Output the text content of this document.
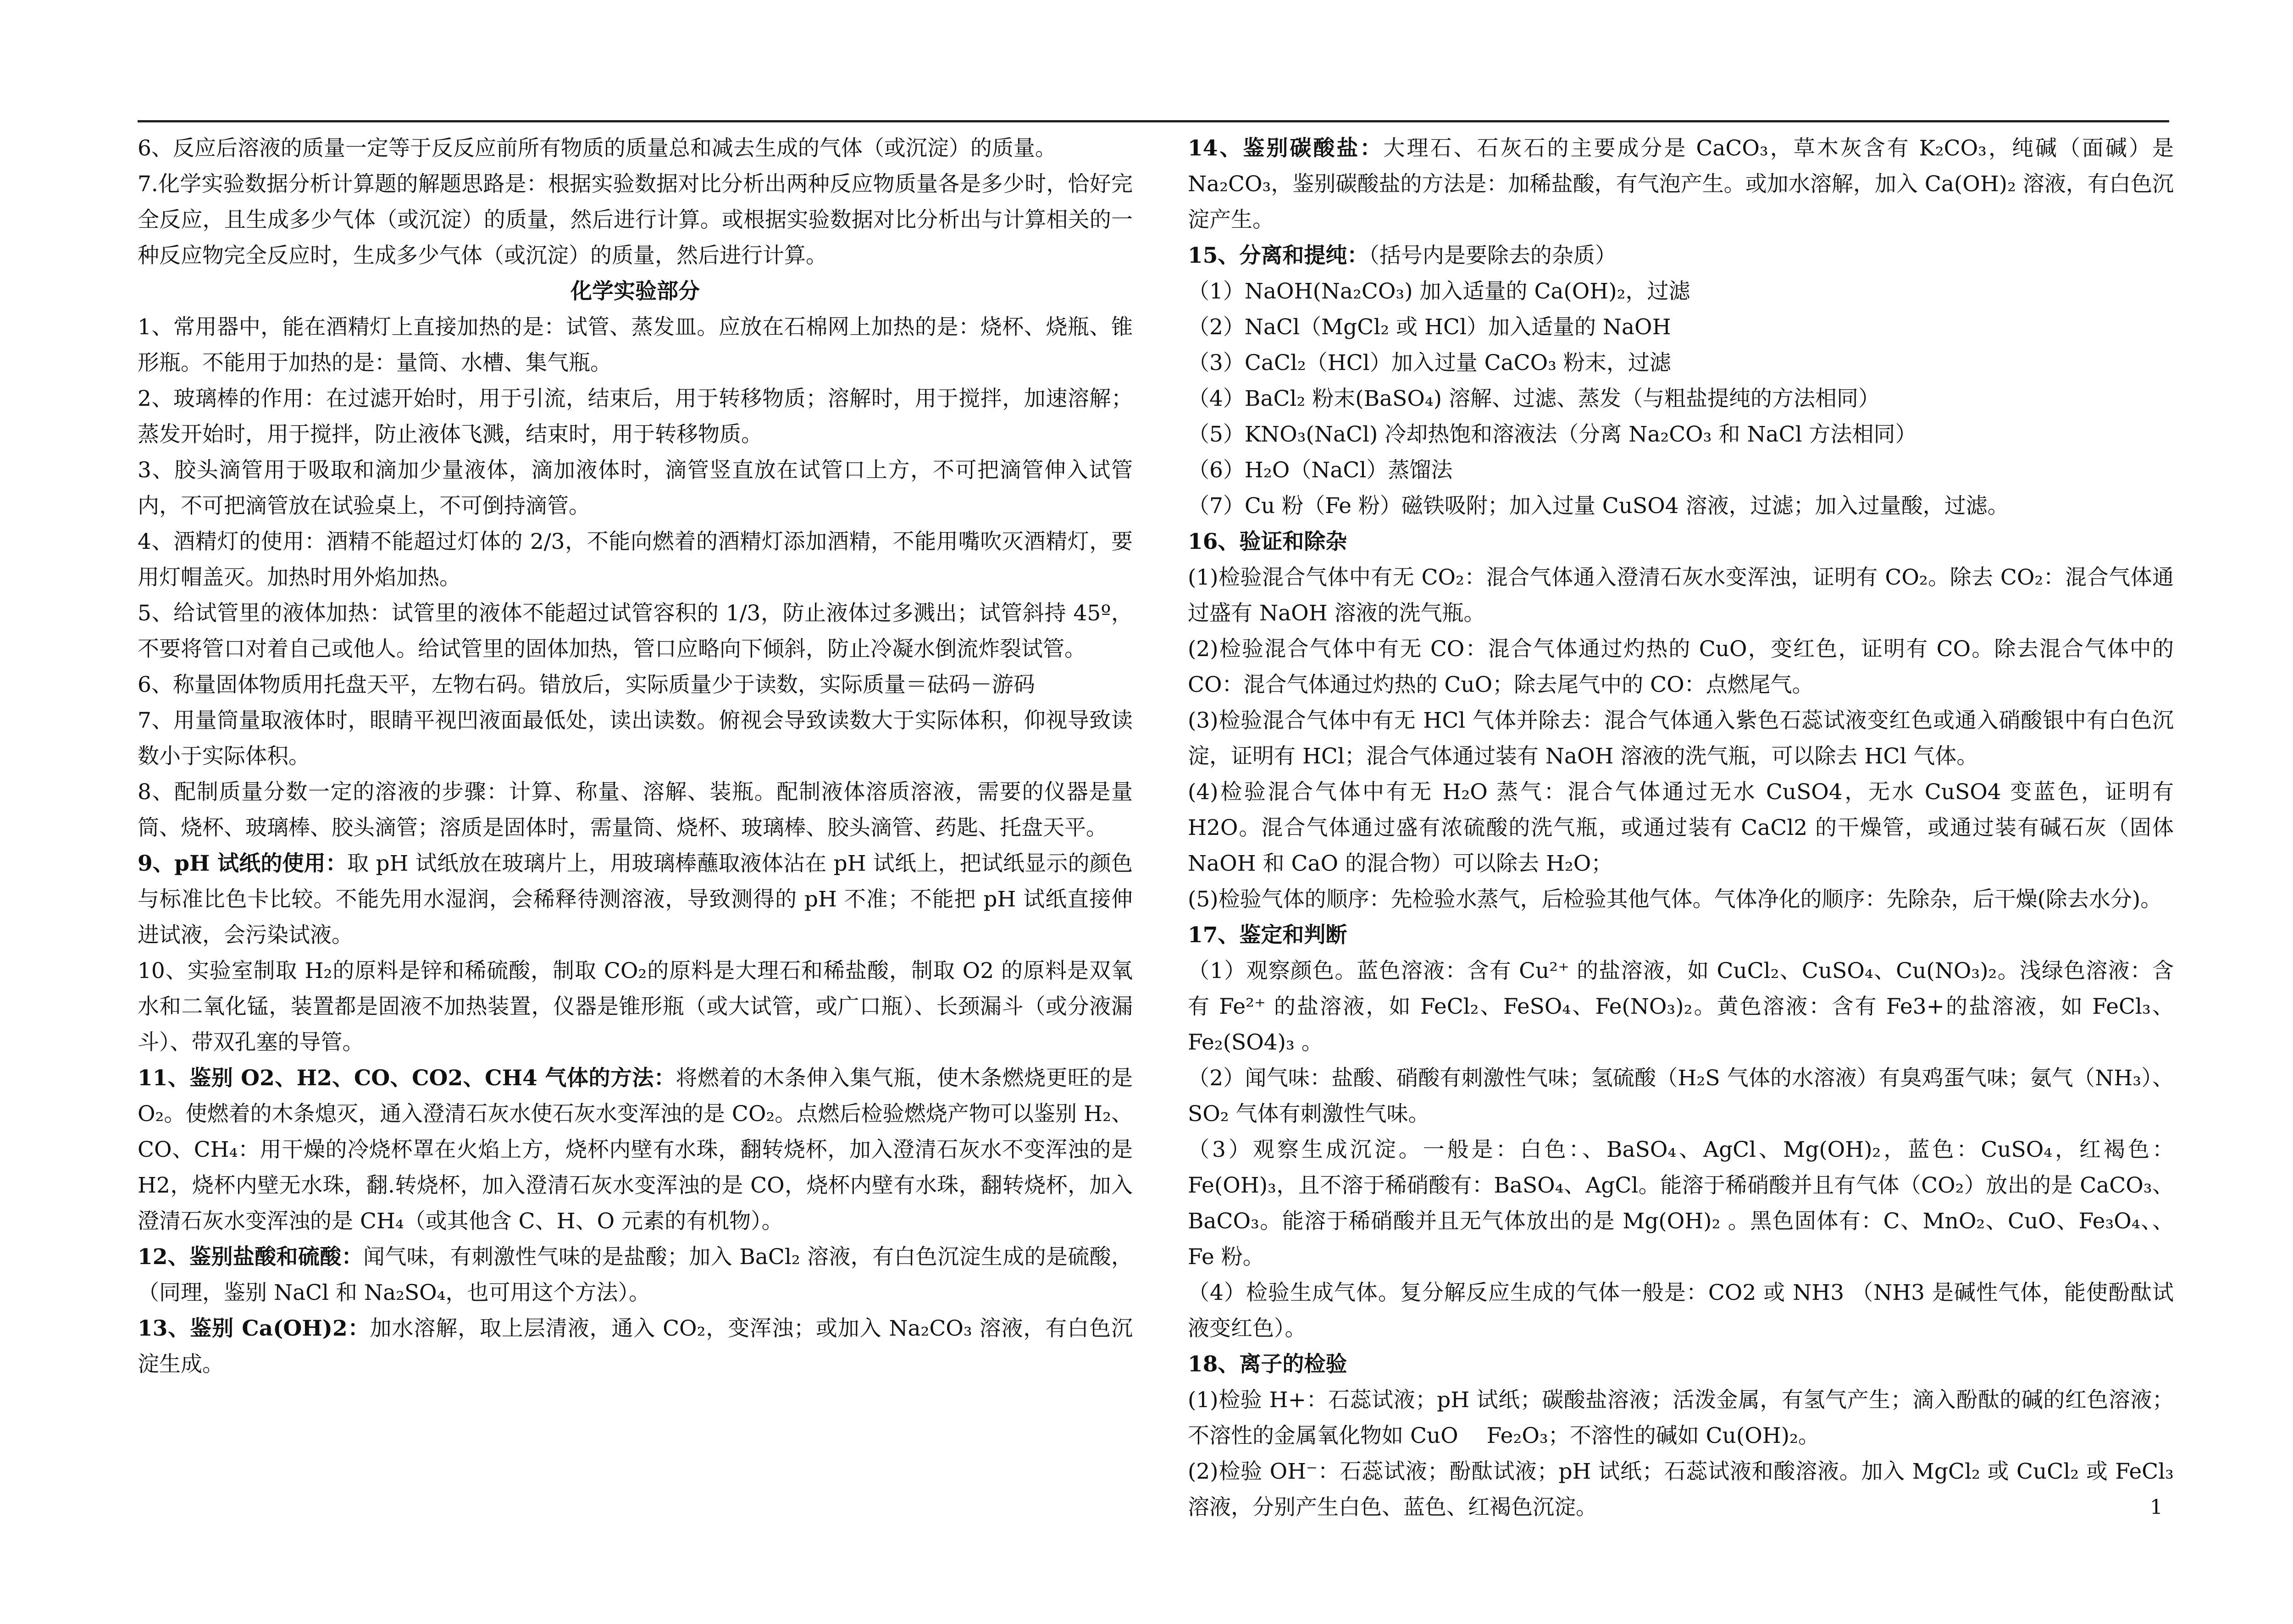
6、反应后溶液的质量一定等于反反应前所有物质的质量总和减去生成的气体（或沉淀）的质量。

7.化学实验数据分析计算题的解题思路是：根据实验数据对比分析出两种反应物质量各是多少时，恰好完全反应，且生成多少气体（或沉淀）的质量，然后进行计算。或根据实验数据对比分析出与计算相关的一种反应物完全反应时，生成多少气体（或沉淀）的质量，然后进行计算。

化学实验部分

1、常用器中，能在酒精灯上直接加热的是：试管、蒸发皿。应放在石棉网上加热的是：烧杯、烧瓶、锥形瓶。不能用于加热的是：量筒、水槽、集气瓶。

2、玻璃棒的作用：在过滤开始时，用于引流，结束后，用于转移物质；溶解时，用于搅拌，加速溶解；蒸发开始时，用于搅拌，防止液体飞溅，结束时，用于转移物质。

3、胶头滴管用于吸取和滴加少量液体，滴加液体时，滴管竖直放在试管口上方，不可把滴管伸入试管内，不可把滴管放在试验桌上，不可倒持滴管。

4、酒精灯的使用：酒精不能超过灯体的 2/3，不能向燃着的酒精灯添加酒精，不能用嘴吹灭酒精灯，要用灯帽盖灭。加热时用外焰加热。

5、给试管里的液体加热：试管里的液体不能超过试管容积的 1/3，防止液体过多溅出；试管斜持 45º，不要将管口对着自己或他人。给试管里的固体加热，管口应略向下倾斜，防止冷凝水倒流炸裂试管。

6、称量固体物质用托盘天平，左物右码。错放后，实际质量少于读数，实际质量＝砝码－游码

7、用量筒量取液体时，眼睛平视凹液面最低处，读出读数。俯视会导致读数大于实际体积，仰视导致读数小于实际体积。

8、配制质量分数一定的溶液的步骤：计算、称量、溶解、装瓶。配制液体溶质溶液，需要的仪器是量筒、烧杯、玻璃棒、胶头滴管；溶质是固体时，需量筒、烧杯、玻璃棒、胶头滴管、药匙、托盘天平。

9、pH 试纸的使用：取 pH 试纸放在玻璃片上，用玻璃棒蘸取液体沾在 pH 试纸上，把试纸显示的颜色与标准比色卡比较。不能先用水湿润，会稀释待测溶液，导致测得的 pH 不准；不能把 pH 试纸直接伸进试液，会污染试液。

10、实验室制取 H₂的原料是锌和稀硫酸，制取 CO₂的原料是大理石和稀盐酸，制取 O2 的原料是双氧水和二氧化锰，装置都是固液不加热装置，仪器是锥形瓶（或大试管，或广口瓶）、长颈漏斗（或分液漏斗）、带双孔塞的导管。

11、鉴别 O2、H2、CO、CO2、CH4 气体的方法：将燃着的木条伸入集气瓶，使木条燃烧更旺的是 O₂。使燃着的木条熄灭，通入澄清石灰水使石灰水变浑浊的是 CO₂。点燃后检验燃烧产物可以鉴别 H₂、CO、CH₄：用干燥的冷烧杯罩在火焰上方，烧杯内壁有水珠，翻转烧杯，加入澄清石灰水不变浑浊的是 H2，烧杯内壁无水珠，翻.转烧杯，加入澄清石灰水变浑浊的是 CO，烧杯内壁有水珠，翻转烧杯，加入澄清石灰水变浑浊的是 CH₄（或其他含 C、H、O 元素的有机物）。

12、鉴别盐酸和硫酸：闻气味，有刺激性气味的是盐酸；加入 BaCl₂ 溶液，有白色沉淀生成的是硫酸，（同理，鉴别 NaCl 和 Na₂SO₄，也可用这个方法）。

13、鉴别 Ca(OH)2：加水溶解，取上层清液，通入 CO₂，变浑浊；或加入 Na₂CO₃ 溶液，有白色沉淀生成。

14、鉴别碳酸盐：大理石、石灰石的主要成分是 CaCO₃，草木灰含有 K₂CO₃，纯碱（面碱）是 Na₂CO₃，鉴别碳酸盐的方法是：加稀盐酸，有气泡产生。或加水溶解，加入 Ca(OH)₂ 溶液，有白色沉淀产生。

15、分离和提纯：（括号内是要除去的杂质）

（1）NaOH(Na₂CO₃) 加入适量的 Ca(OH)₂，过滤

（2）NaCl（MgCl₂ 或 HCl）加入适量的 NaOH

（3）CaCl₂（HCl）加入过量 CaCO₃ 粉末，过滤

（4）BaCl₂ 粉末(BaSO₄) 溶解、过滤、蒸发（与粗盐提纯的方法相同）

（5）KNO₃(NaCl) 冷却热饱和溶液法（分离 Na₂CO₃ 和 NaCl 方法相同）

（6）H₂O（NaCl）蒸馏法

（7）Cu 粉（Fe 粉）磁铁吸附；加入过量 CuSO4 溶液，过滤；加入过量酸，过滤。

16、验证和除杂

(1)检验混合气体中有无 CO₂：混合气体通入澄清石灰水变浑浊，证明有 CO₂。除去 CO₂：混合气体通过盛有 NaOH 溶液的洗气瓶。

(2)检验混合气体中有无 CO：混合气体通过灼热的 CuO，变红色，证明有 CO。除去混合气体中的 CO：混合气体通过灼热的 CuO；除去尾气中的 CO：点燃尾气。

(3)检验混合气体中有无 HCl 气体并除去：混合气体通入紫色石蕊试液变红色或通入硝酸银中有白色沉淀，证明有 HCl；混合气体通过装有 NaOH 溶液的洗气瓶，可以除去 HCl 气体。

(4)检验混合气体中有无 H₂O 蒸气：混合气体通过无水 CuSO4，无水 CuSO4 变蓝色，证明有 H2O。混合气体通过盛有浓硫酸的洗气瓶，或通过装有 CaCl2 的干燥管，或通过装有碱石灰（固体 NaOH 和 CaO 的混合物）可以除去 H₂O；

(5)检验气体的顺序：先检验水蒸气，后检验其他气体。气体净化的顺序：先除杂，后干燥(除去水分)。

17、鉴定和判断

（1）观察颜色。蓝色溶液：含有 Cu²⁺ 的盐溶液，如 CuCl₂、CuSO₄、Cu(NO₃)₂。浅绿色溶液：含有 Fe²⁺ 的盐溶液，如 FeCl₂、FeSO₄、Fe(NO₃)₂。黄色溶液：含有 Fe3+的盐溶液，如 FeCl₃、Fe₂(SO4)₃ 。

（2）闻气味：盐酸、硝酸有刺激性气味；氢硫酸（H₂S 气体的水溶液）有臭鸡蛋气味；氨气（NH₃）、SO₂ 气体有刺激性气味。

（3）观察生成沉淀。一般是：白色：、BaSO₄、AgCl、Mg(OH)₂，蓝色：CuSO₄，红褐色：Fe(OH)₃，且不溶于稀硝酸有：BaSO₄、AgCl。能溶于稀硝酸并且有气体（CO₂）放出的是 CaCO₃、BaCO₃。能溶于稀硝酸并且无气体放出的是 Mg(OH)₂ 。黑色固体有：C、MnO₂、CuO、Fe₃O₄、、Fe 粉。

（4）检验生成气体。复分解反应生成的气体一般是：CO2 或 NH3 （NH3 是碱性气体，能使酚酞试液变红色）。

18、离子的检验

(1)检验 H+：石蕊试液；pH 试纸；碳酸盐溶液；活泼金属，有氢气产生；滴入酚酞的碱的红色溶液；不溶性的金属氧化物如 CuO　 Fe₂O₃；不溶性的碱如 Cu(OH)₂。

(2)检验 OH⁻：石蕊试液；酚酞试液；pH 试纸；石蕊试液和酸溶液。加入 MgCl₂ 或 CuCl₂ 或 FeCl₃ 溶液，分别产生白色、蓝色、红褐色沉淀。	1
